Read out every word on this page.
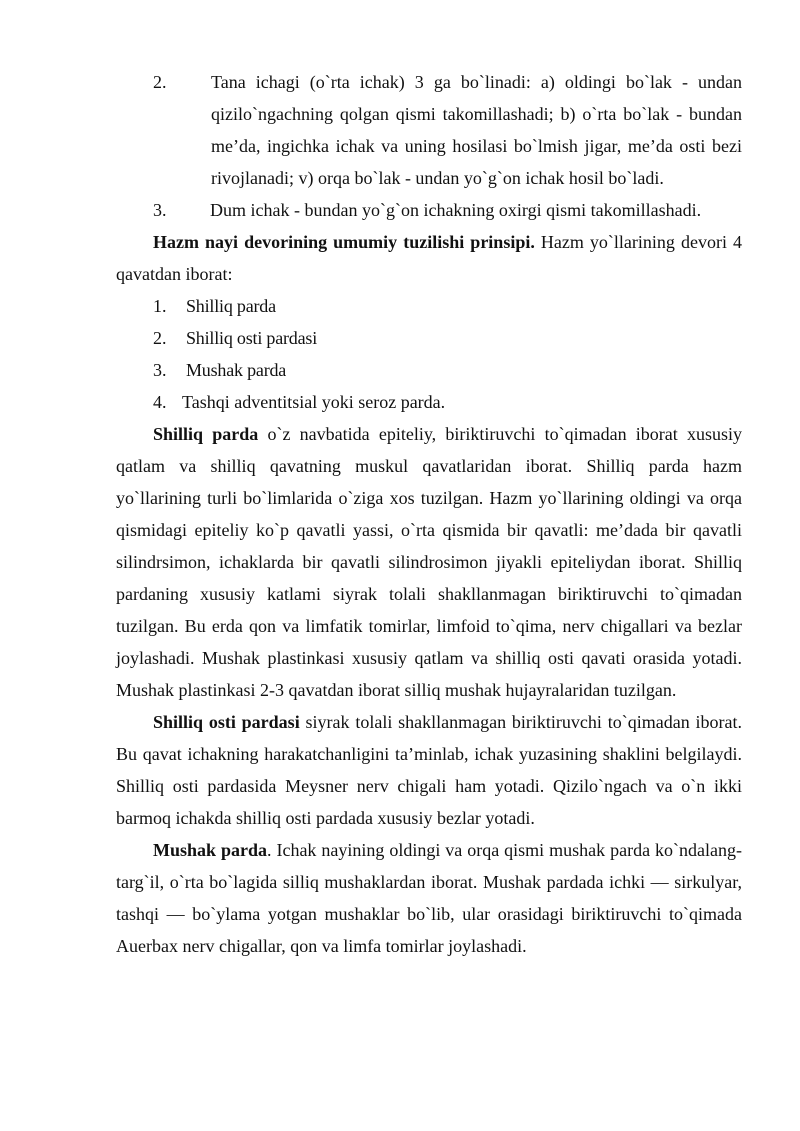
2.	Tana ichagi (o`rta ichak) 3 ga bo`linadi: a) oldingi bo`lak - undan qizilo`ngachning qolgan qismi takomillashadi; b) o`rta bo`lak - bundan me’da, ingichka ichak va uning hosilasi bo`lmish jigar, me’da osti bezi rivojlanadi; v) orqa bo`lak - undan yo`g`on ichak hosil bo`ladi.
3.	Dum ichak - bundan yo`g`on ichakning oxirgi qismi takomillashadi.

Hazm nayi devorining umumiy tuzilishi prinsipi. Hazm yo`llarining devori 4 qavatdan iborat:

1.	Shilliq parda
2.	Shilliq osti pardasi
3.	Mushak parda
4. Tashqi adventitsial yoki seroz parda.

Shilliq parda o`z navbatida epiteliy, biriktiruvchi to`qimadan iborat xususiy qatlam va shilliq qavatning muskul qavatlaridan iborat. Shilliq parda hazm yo`llarining turli bo`limlarida o`ziga xos tuzilgan. Hazm yo`llarining oldingi va orqa qismidagi epiteliy ko`p qavatli yassi, o`rta qismida bir qavatli: me’dada bir qavatli silindrsimon, ichaklarda bir qavatli silindrosimon jiyakli epiteliydan iborat. Shilliq pardaning xususiy katlami siyrak tolali shakllanmagan biriktiruvchi to`qimadan tuzilgan. Bu erda qon va limfatik tomirlar, limfoid to`qima, nerv chigallari va bezlar joylashadi. Mushak plastinkasi xususiy qatlam va shilliq osti qavati orasida yotadi. Mushak plastinkasi 2-3 qavatdan iborat silliq mushak hujayralaridan tuzilgan.

Shilliq osti pardasi siyrak tolali shakllanmagan biriktiruvchi to`qimadan iborat. Bu qavat ichakning harakatchanligini ta’minlab, ichak yuzasining shaklini belgilaydi. Shilliq osti pardasida Meysner nerv chigali ham yotadi. Qizilo`ngach va o`n ikki barmoq ichakda shilliq osti pardada xususiy bezlar yotadi.

Mushak parda. Ichak nayining oldingi va orqa qismi mushak parda ko`ndalang-targ`il, o`rta bo`lagida silliq mushaklardan iborat. Mushak pardada ichki — sirkulyar, tashqi — bo`ylama yotgan mushaklar bo`lib, ular orasidagi biriktiruvchi to`qimada Auerbax nerv chigallar, qon va limfa tomirlar joylashadi.
